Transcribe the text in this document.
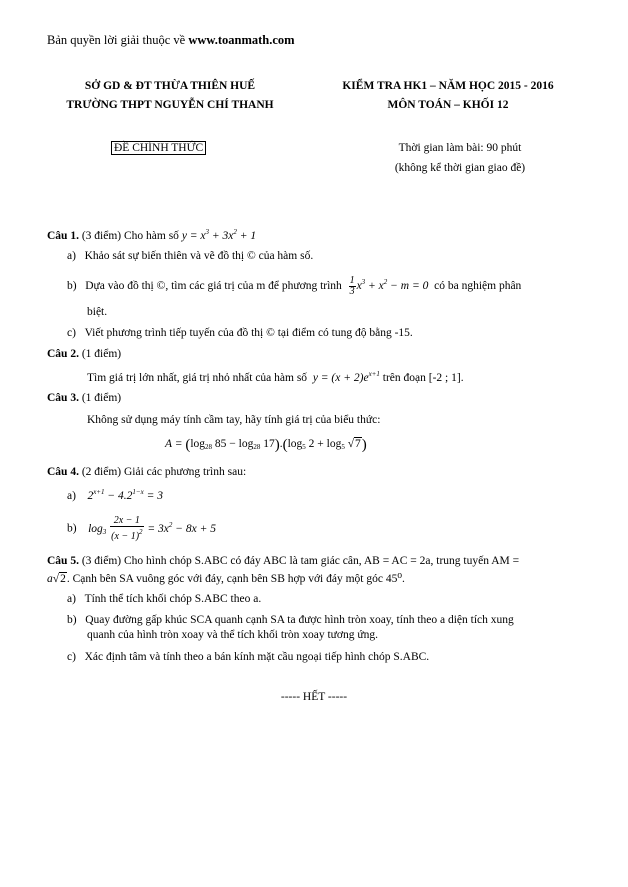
Bản quyền lời giải thuộc về www.toanmath.com
SỞ GD & ĐT THỪA THIÊN HUẾ
TRƯỜNG THPT NGUYỄN CHÍ THANH
KIỂM TRA HK1 – NĂM HỌC 2015 - 2016
MÔN TOÁN – KHỐI 12
ĐỀ CHÍNH THỨC	Thời gian làm bài: 90 phút
(không kể thời gian giao đề)
Câu 1. (3 điểm) Cho hàm số $y = x^3 + 3x^2 + 1$
a) Khảo sát sự biến thiên và vẽ đồ thị © của hàm số.
b) Dựa vào đồ thị ©, tìm các giá trị của m để phương trình $\frac{1}{3} x^3 + x^2 - m = 0$ có ba nghiệm phân
biệt.
c) Viết phương trình tiếp tuyến của đồ thị © tại điểm có tung độ bằng -15.
Câu 2. (1 điểm)
Tìm giá trị lớn nhất, giá trị nhỏ nhất của hàm số $y = (x + 2)e^{x+1}$ trên đoạn [-2 ; 1].
Câu 3. (1 điểm)
Không sử dụng máy tính cầm tay, hãy tính giá trị của biểu thức:
$A = (\log_{28}$ $85 - \log_{28} 17).(\log_5$ $2 + \log_5 √7$)
Câu 4. (2 điểm) Giải các phương trình sau:
a) $2^{x+1} - 4.2^{1-x} = 3$
b) $\log_3 \frac{2x - 1}{(x - 1)^2} = 3x^2 - 8x + 5$
Câu 5. (3 điểm) Cho hình chóp S.ABC có đáy ABC là tam giác cân, AB = AC = 2a, trung tuyến AM =
a√2. Cạnh bên SA vuông góc với đáy, cạnh bên SB hợp với đáy một góc 45⁰.
a) Tính thể tích khối chóp S.ABC theo a.
b) Quay đường gấp khúc SCA quanh cạnh SA ta được hình tròn xoay, tính theo a diện tích xung
quanh của hình tròn xoay và thể tích khối tròn xoay tương ứng.
c) Xác định tâm và tính theo a bán kính mặt cầu ngoại tiếp hình chóp S.ABC.
----- HẾT -----
